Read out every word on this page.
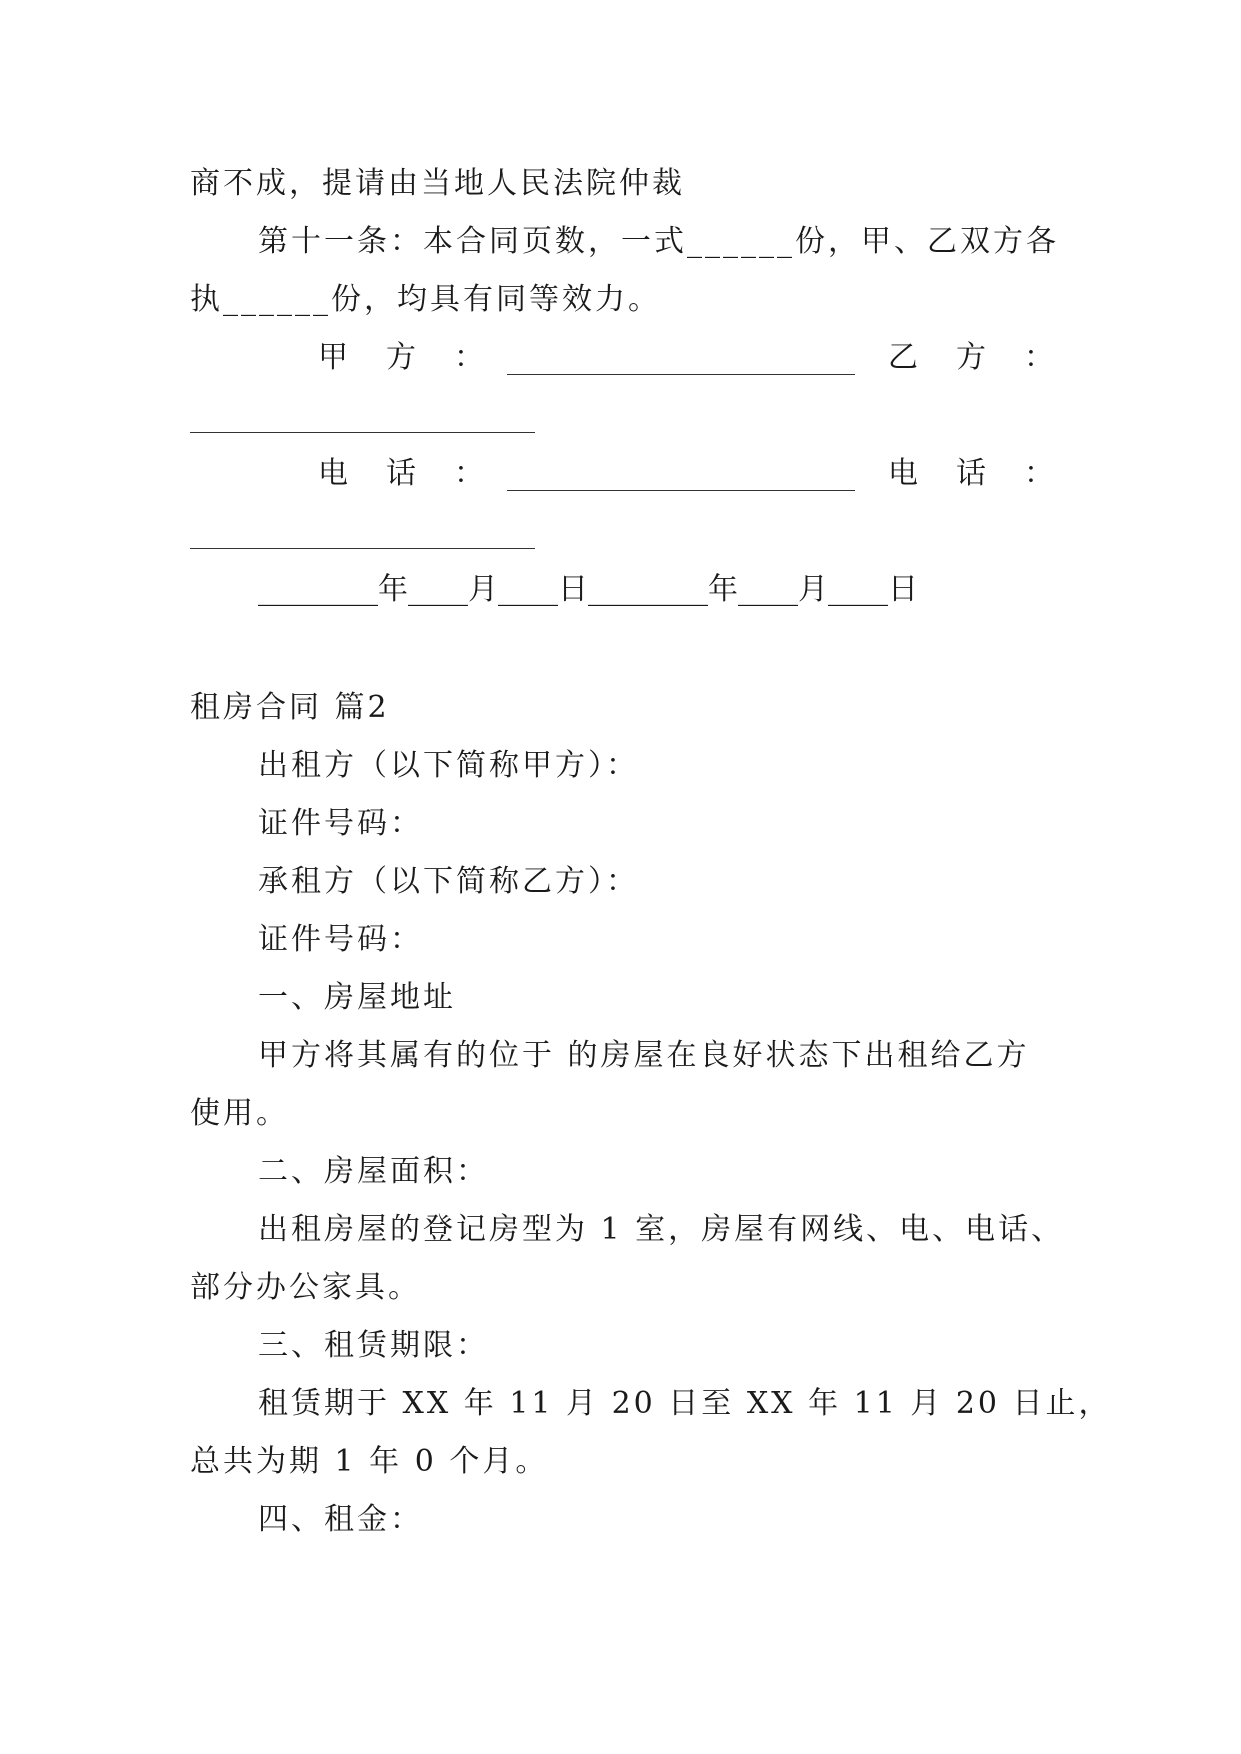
商不成，提请由当地人民法院仲裁
第十一条：本合同页数，一式______份，甲、乙双方各
执______份，均具有同等效力。
甲　方　：	乙　方　：
电　话　：	电　话　：
________年____月____日________年____月____日
租房合同 篇2
出租方（以下简称甲方）：
证件号码：
承租方（以下简称乙方）：
证件号码：
一、房屋地址
甲方将其属有的位于 的房屋在良好状态下出租给乙方
使用。
二、房屋面积：
出租房屋的登记房型为 1 室，房屋有网线、电、电话、
部分办公家具。
三、租赁期限：
租赁期于 XX 年 11 月 20 日至 XX 年 11 月 20 日止，
总共为期 1 年 0 个月。
四、租金：
